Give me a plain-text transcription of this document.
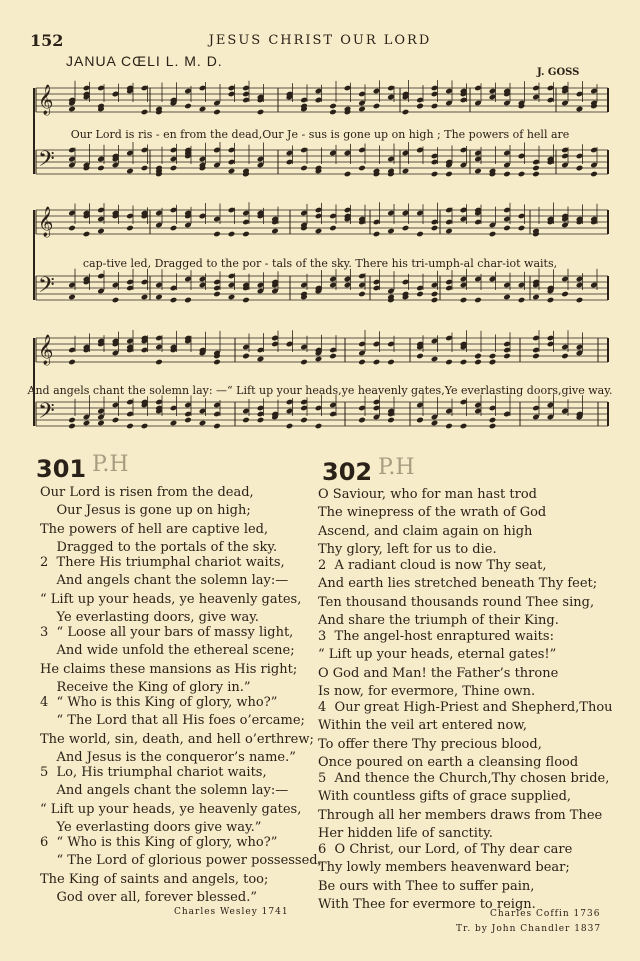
152	JESUS CHRIST OUR LORD
JANUA CŒLI L. M. D.
J. GOSS
𝄞
𝄢
𝄞
𝄢
𝄞
𝄢
Our Lord is ris - en from the dead,Our Je - sus is gone up on high ; The powers of hell are
cap-tive led, Dragged to the por - tals of the sky. There his tri-umph-al char-iot waits,
And angels chant the solemn lay: —“ Lift up your heads,ye heavenly gates,Ye everlasting doors,give way.
301 P.H
Our Lord is risen from the dead,
Our Jesus is gone up on high;
The powers of hell are captive led,
Dragged to the portals of the sky.
2  There His triumphal chariot waits,
And angels chant the solemn lay:—
“ Lift up your heads, ye heavenly gates,
Ye everlasting doors, give way.
3  “ Loose all your bars of massy light,
And wide unfold the ethereal scene;
He claims these mansions as His right;
Receive the King of glory in.”
4  “ Who is this King of glory, who?”
“ The Lord that all His foes o’ercame;
The world, sin, death, and hell o’erthrew;
And Jesus is the conqueror’s name.”
5  Lo, His triumphal chariot waits,
And angels chant the solemn lay:—
“ Lift up your heads, ye heavenly gates,
Ye everlasting doors give way.”
6  “ Who is this King of glory, who?”
“ The Lord of glorious power possessed,
The King of saints and angels, too;
God over all, forever blessed.”
Charles Wesley 1741
302 P.H
O Saviour, who for man hast trod
The winepress of the wrath of God
Ascend, and claim again on high
Thy glory, left for us to die.
2  A radiant cloud is now Thy seat,
And earth lies stretched beneath Thy feet;
Ten thousand thousands round Thee sing,
And share the triumph of their King.
3  The angel-host enraptured waits:
“ Lift up your heads, eternal gates!”
O God and Man! the Father’s throne
Is now, for evermore, Thine own.
4  Our great High-Priest and Shepherd,Thou
Within the veil art entered now,
To offer there Thy precious blood,
Once poured on earth a cleansing flood
5  And thence the Church,Thy chosen bride,
With countless gifts of grace supplied,
Through all her members draws from Thee
Her hidden life of sanctity.
6  O Christ, our Lord, of Thy dear care
Thy lowly members heavenward bear;
Be ours with Thee to suffer pain,
With Thee for evermore to reign.
Charles Coffin 1736
Tr. by John Chandler 1837
